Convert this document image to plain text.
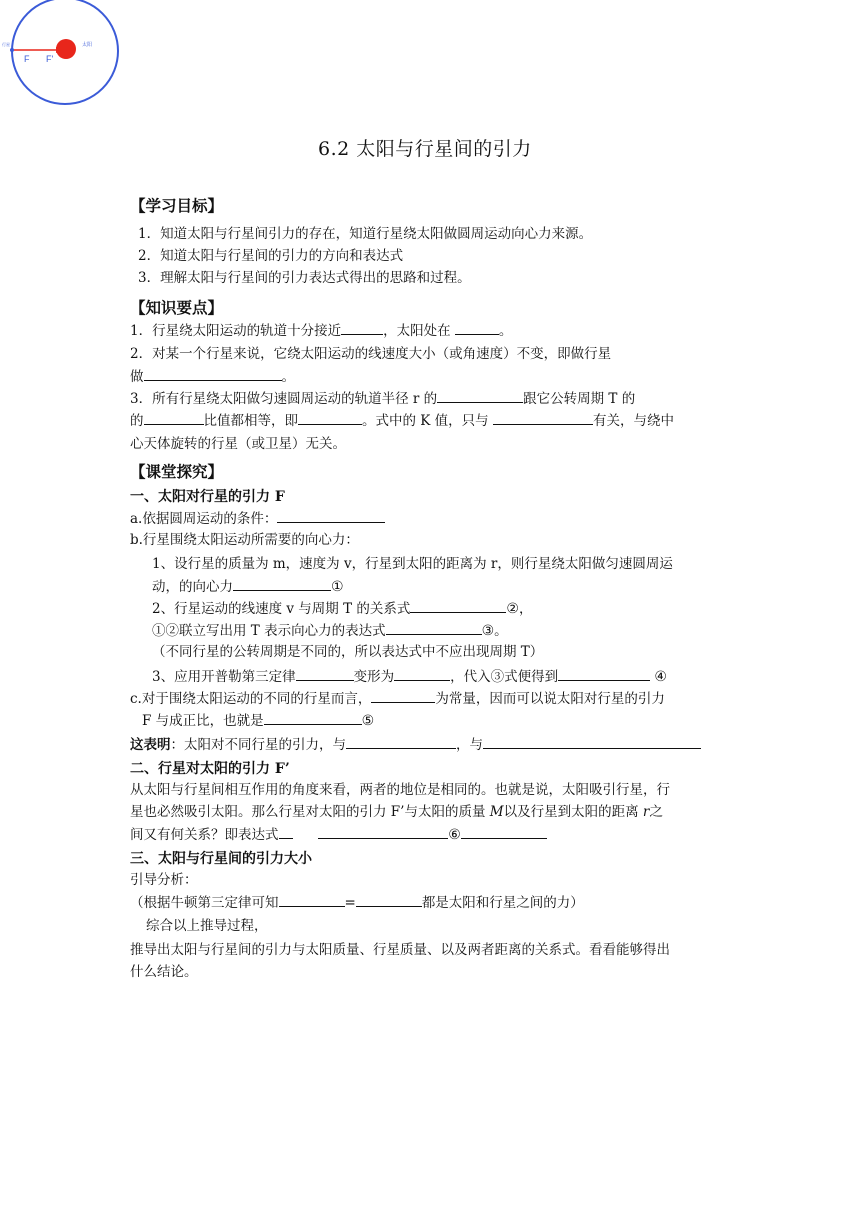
F F'
行星	太阳
6.2 太阳与行星间的引力
【学习目标】
1．知道太阳与行星间引力的存在，知道行星绕太阳做圆周运动向心力来源。
2．知道太阳与行星间的引力的方向和表达式
3．理解太阳与行星间的引力表达式得出的思路和过程。
【知识要点】
1．行星绕太阳运动的轨道十分接近	，太阳处在	。
2．对某一个行星来说，它绕太阳运动的线速度大小（或角速度）不变，即做行星
做	。
3．所有行星绕太阳做匀速圆周运动的轨道半径 r 的	跟它公转周期 T 的
的	比值都相等，即	。式中的 K 值，只与	有关，与绕中
心天体旋转的行星（或卫星）无关。
【课堂探究】
一、太阳对行星的引力 F
a.依据圆周运动的条件：
b.行星围绕太阳运动所需要的向心力：
1、设行星的质量为 m，速度为 v，行星到太阳的距离为 r，则行星绕太阳做匀速圆周运
动，的向心力	①
2、行星运动的线速度 v 与周期 T 的关系式	②，
①②联立写出用 T 表示向心力的表达式	③。
（不同行星的公转周期是不同的，所以表达式中不应出现周期 T）
3、应用开普勒第三定律	变形为	，代入③式便得到	④
c.对于围绕太阳运动的不同的行星而言，	为常量，因而可以说太阳对行星的引力
F 与成正比，也就是	⑤
这表明：太阳对不同行星的引力，与	，与
二、行星对太阳的引力 F’
从太阳与行星间相互作用的角度来看，两者的地位是相同的。也就是说，太阳吸引行星，行
星也必然吸引太阳。那么行星对太阳的引力 F’与太阳的质量 M以及行星到太阳的距离 r之
间又有何关系？即表达式	⑥
三、太阳与行星间的引力大小
引导分析：
（根据牛顿第三定律可知	=	都是太阳和行星之间的力）
综合以上推导过程，
推导出太阳与行星间的引力与太阳质量、行星质量、以及两者距离的关系式。看看能够得出
什么结论。
